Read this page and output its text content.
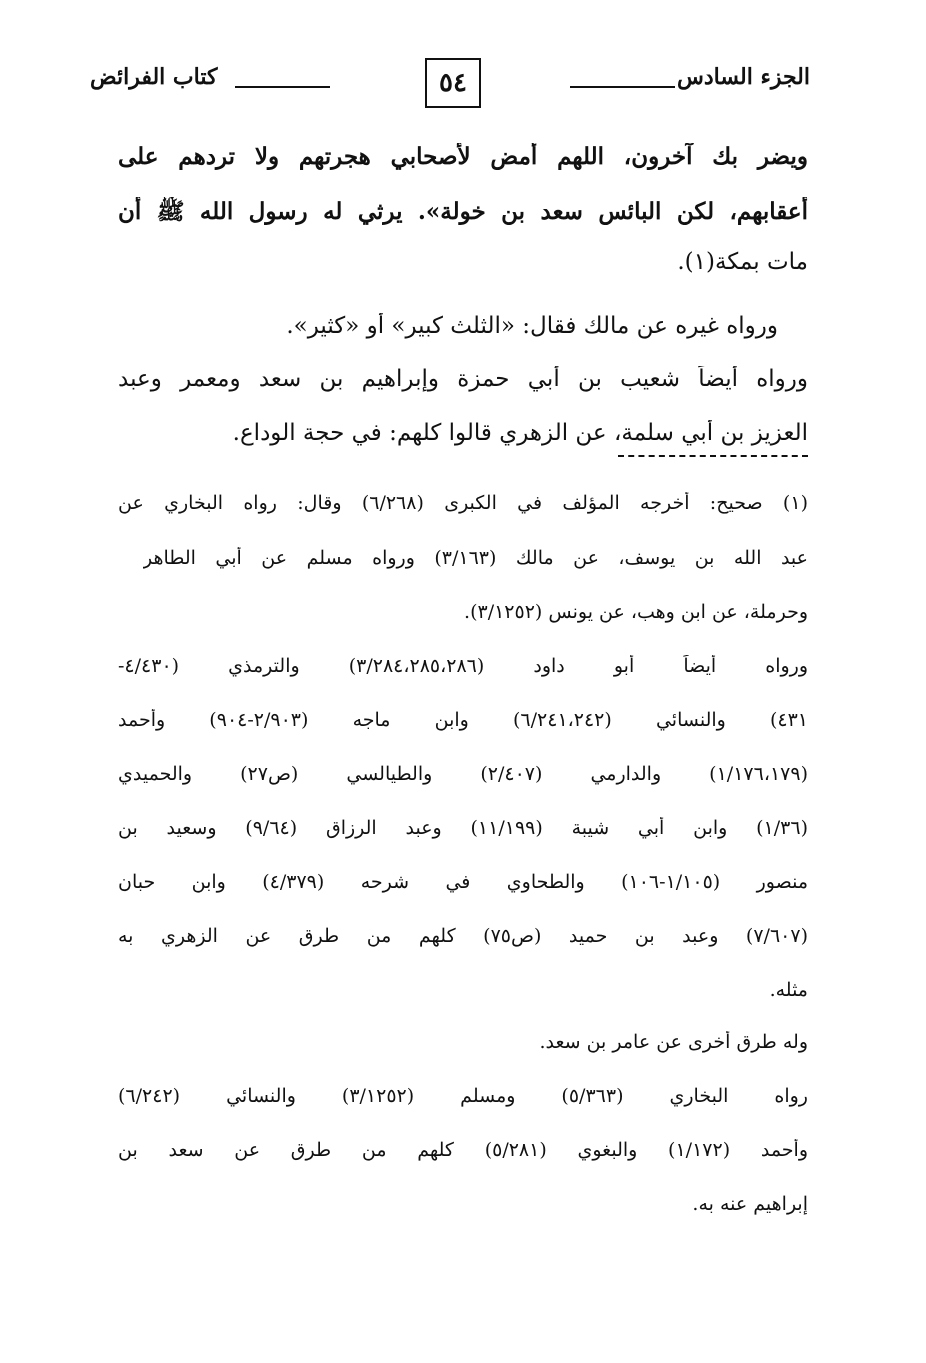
الجزء السادس
٥٤
كتاب الفرائض
ويضر بك آخرون، اللهم أمض لأصحابي هجرتهم ولا تردهم على
أعقابهم، لكن البائس سعد بن خولة». يرثي له رسول الله ﷺ أن
مات بمكة(١).
ورواه غيره عن مالك فقال: «الثلث كبير» أو «كثير».
ورواه أيضاً شعيب بن أبي حمزة وإبراهيم بن سعد ومعمر وعبد
العزيز بن أبي سلمة، عن الزهري قالوا كلهم: في حجة الوداع.
(١) صحيح: أخرجه المؤلف في الكبرى (٦/٢٦٨) وقال: رواه البخاري عن
عبد الله بن يوسف، عن مالك (٣/١٦٣) ورواه مسلم عن أبي الطاهر
وحرملة، عن ابن وهب، عن يونس (٣/١٢٥٢).
ورواه أيضاً أبو داود (٣/٢٨٤،٢٨٥،٢٨٦) والترمذي (٤/٤٣٠-
٤٣١) والنسائي (٦/٢٤١،٢٤٢) وابن ماجه (٢/٩٠٣-٩٠٤) وأحمد
(١/١٧٦،١٧٩) والدارمي (٢/٤٠٧) والطيالسي (ص٢٧) والحميدي
(١/٣٦) وابن أبي شيبة (١١/١٩٩) وعبد الرزاق (٩/٦٤) وسعيد بن
منصور (١/١٠٥-١٠٦) والطحاوي في شرحه (٤/٣٧٩) وابن حبان
(٧/٦٠٧) وعبد بن حميد (ص٧٥) كلهم من طرق عن الزهري به
مثله.
وله طرق أخرى عن عامر بن سعد.
رواه البخاري (٥/٣٦٣) ومسلم (٣/١٢٥٢) والنسائي (٦/٢٤٢)
وأحمد (١/١٧٢) والبغوي (٥/٢٨١) كلهم من طرق عن سعد بن
إبراهيم عنه به.
